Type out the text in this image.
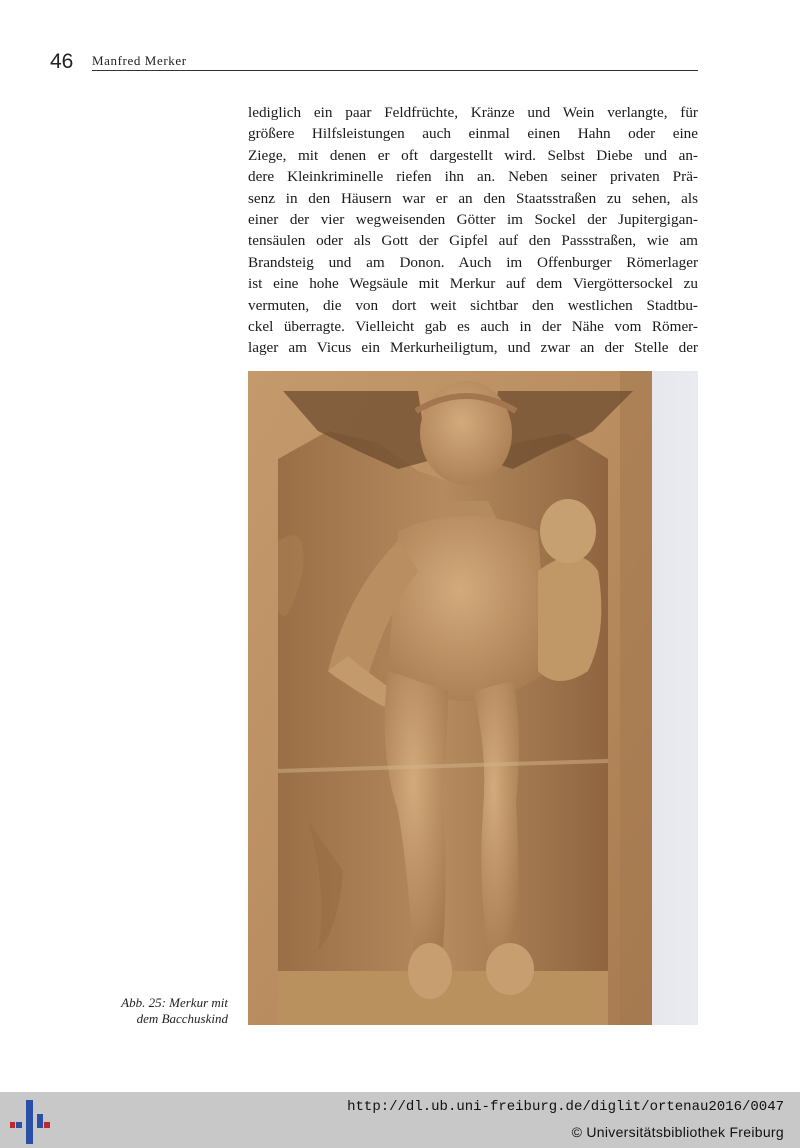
46 Manfred Merker
lediglich ein paar Feldfrüchte, Kränze und Wein verlangte, für
größere Hilfsleistungen auch einmal einen Hahn oder eine
Ziege, mit denen er oft dargestellt wird. Selbst Diebe und an-
dere Kleinkriminelle riefen ihn an. Neben seiner privaten Prä-
senz in den Häusern war er an den Staatsstraßen zu sehen, als
einer der vier wegweisenden Götter im Sockel der Jupitergigan-
tensäulen oder als Gott der Gipfel auf den Passstraßen, wie am
Brandsteig und am Donon. Auch im Offenburger Römerlager
ist eine hohe Wegsäule mit Merkur auf dem Viergöttersockel zu
vermuten, die von dort weit sichtbar den westlichen Stadtbu-
ckel überragte. Vielleicht gab es auch in der Nähe vom Römer-
lager am Vicus ein Merkurheiligtum, und zwar an der Stelle der
Abb. 25: Merkur mit
dem Bacchuskind
http://dl.ub.uni-freiburg.de/diglit/ortenau2016/0047
© Universitätsbibliothek Freiburg
